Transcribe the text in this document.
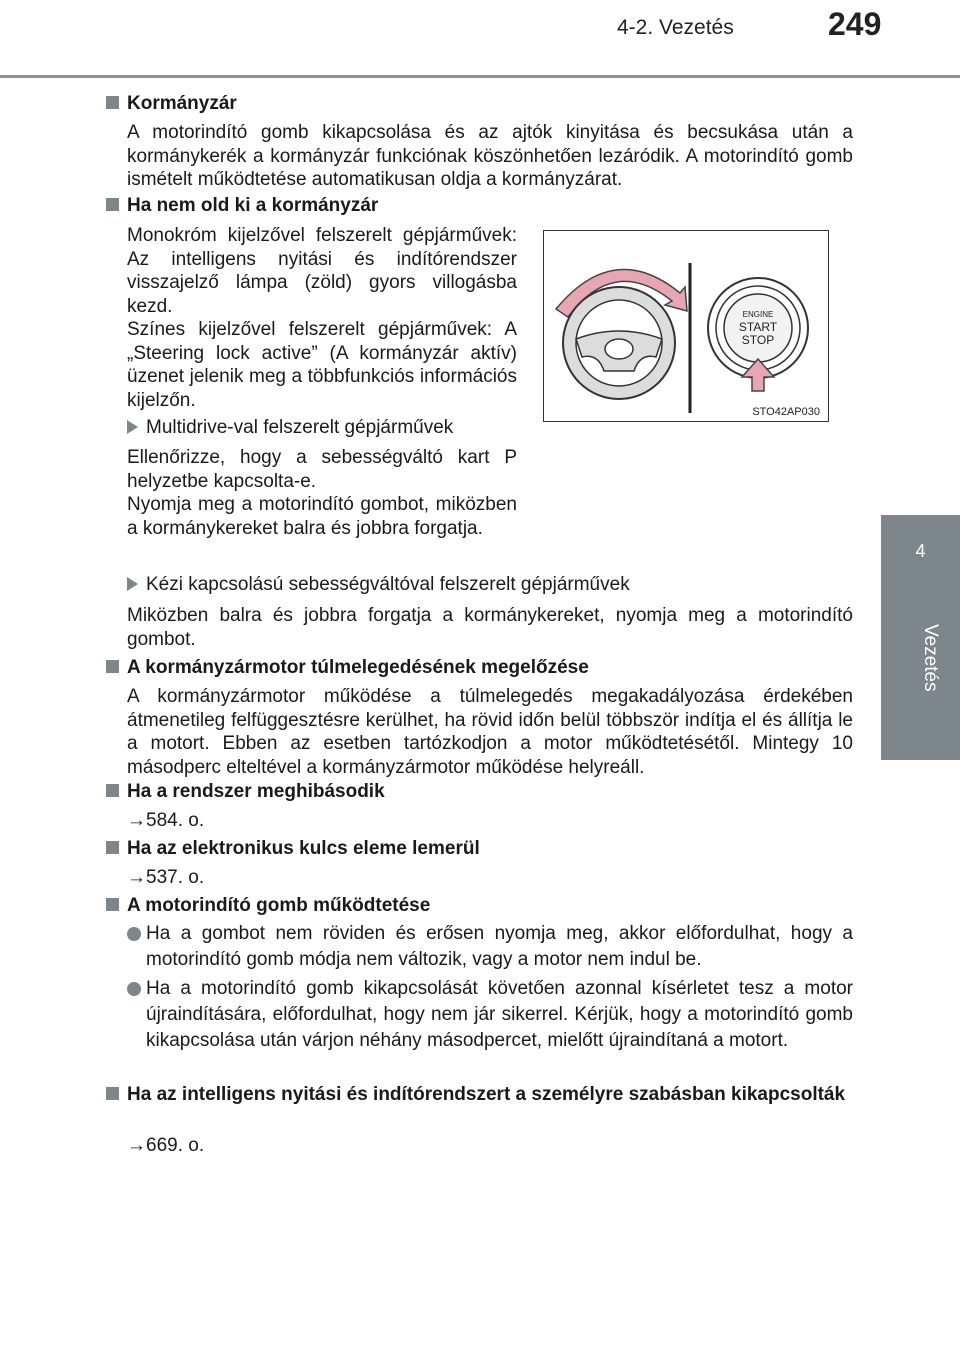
4-2. Vezetés	249
4
Vezetés
Kormányzár

A motorindító gomb kikapcsolása és az ajtók kinyitása és becsukása után a kormánykerék a kormányzár funkciónak köszönhetően lezáródik. A motorindító gomb ismételt működtetése automatikusan oldja a kormányzárat.

Ha nem old ki a kormányzár

Monokróm kijelzővel felszerelt gépjárművek: Az intelligens nyitási és indítórendszer visszajelző lámpa (zöld) gyors villogásba kezd.

Színes kijelzővel felszerelt gépjárművek: A „Steering lock active” (A kormányzár aktív) üzenet jelenik meg a többfunkciós információs kijelzőn.

Multidrive-val felszerelt gépjárművek

Ellenőrizze, hogy a sebességváltó kart P helyzetbe kapcsolta-e.

Nyomja meg a motorindító gombot, miközben a kormánykereket balra és jobbra forgatja.

ENGINE
START
STOP
STO42AP030
Kézi kapcsolású sebességváltóval felszerelt gépjárművek

Miközben balra és jobbra forgatja a kormánykereket, nyomja meg a motorindító gombot.

A kormányzármotor túlmelegedésének megelőzése

A kormányzármotor működése a túlmelegedés megakadályozása érdekében átmenetileg felfüggesztésre kerülhet, ha rövid időn belül többször indítja el és állítja le a motort. Ebben az esetben tartózkodjon a motor működtetésétől. Mintegy 10 másodperc elteltével a kormányzármotor működése helyreáll.

Ha a rendszer meghibásodik
→584. o.
Ha az elektronikus kulcs eleme lemerül
→537. o.
A motorindító gomb működtetése
Ha a gombot nem röviden és erősen nyomja meg, akkor előfordulhat, hogy a motorindító gomb módja nem változik, vagy a motor nem indul be.
Ha a motorindító gomb kikapcsolását követően azonnal kísérletet tesz a motor újraindítására, előfordulhat, hogy nem jár sikerrel. Kérjük, hogy a motorindító gomb kikapcsolása után várjon néhány másodpercet, mielőtt újraindítaná a motort.
Ha az intelligens nyitási és indítórendszert a személyre szabásban kikapcsolták
→669. o.
